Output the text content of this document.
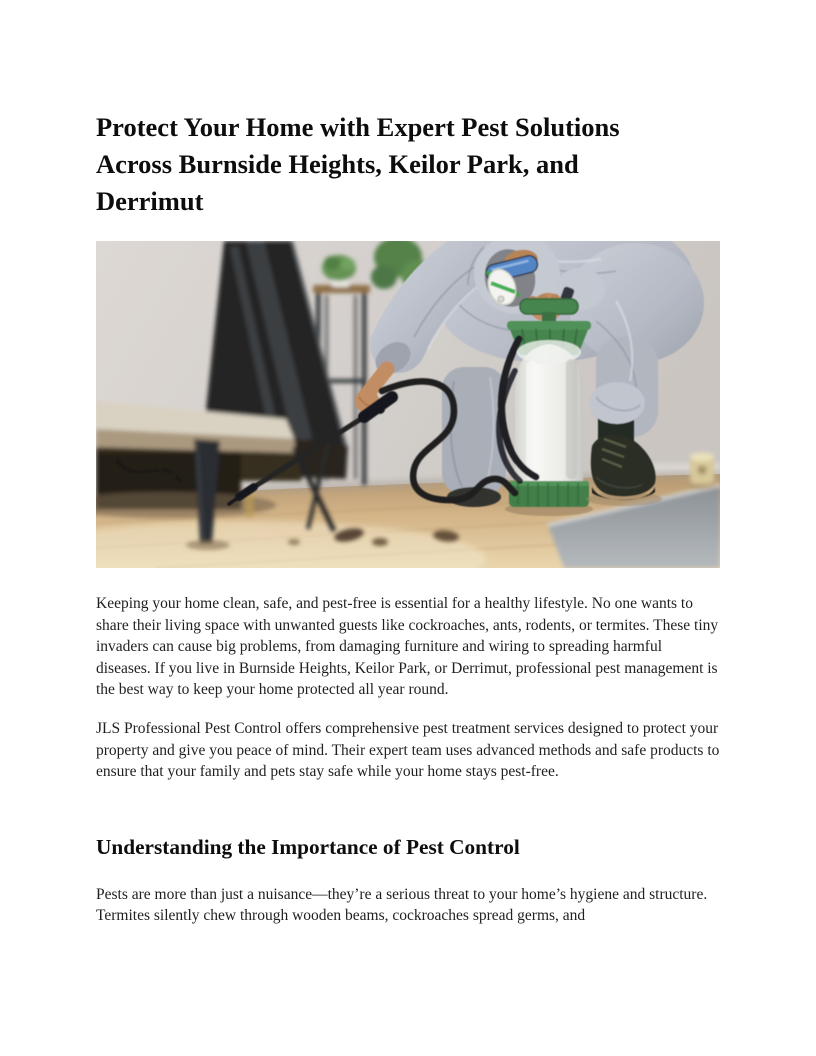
Protect Your Home with Expert Pest Solutions
Across Burnside Heights, Keilor Park, and
Derrimut

Keeping your home clean, safe, and pest-free is essential for a healthy lifestyle. No one wants to share their living space with unwanted guests like cockroaches, ants, rodents, or termites. These tiny invaders can cause big problems, from damaging furniture and wiring to spreading harmful diseases. If you live in Burnside Heights, Keilor Park, or Derrimut, professional pest management is the best way to keep your home protected all year round.

JLS Professional Pest Control offers comprehensive pest treatment services designed to protect your property and give you peace of mind. Their expert team uses advanced methods and safe products to ensure that your family and pets stay safe while your home stays pest-free.

Understanding the Importance of Pest Control

Pests are more than just a nuisance—they’re a serious threat to your home’s hygiene and structure. Termites silently chew through wooden beams, cockroaches spread germs, and
